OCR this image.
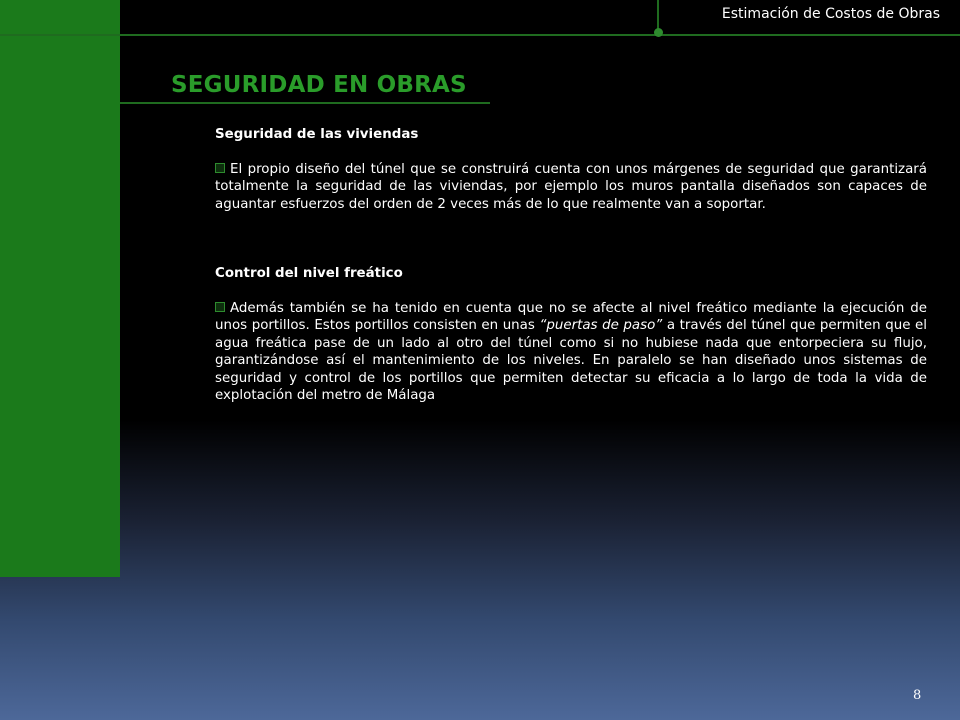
Estimación de Costos de Obras
SEGURIDAD EN OBRAS

Seguridad de las viviendas

El propio diseño del túnel que se construirá cuenta con unos márgenes de seguridad que garantizará totalmente la seguridad de las viviendas, por ejemplo los muros pantalla diseñados son capaces de aguantar esfuerzos del orden de 2 veces más de lo que realmente van a soportar.

Control del nivel freático

Además también se ha tenido en cuenta que no se afecte al nivel freático mediante la ejecución de unos portillos. Estos portillos consisten en unas “puertas de paso” a través del túnel que permiten que el agua freática pase de un lado al otro del túnel como si no hubiese nada que entorpeciera su flujo, garantizándose así el mantenimiento de los niveles. En paralelo se han diseñado unos sistemas de seguridad y control de los portillos que permiten detectar su eficacia a lo largo de toda la vida de explotación del metro de Málaga

8
